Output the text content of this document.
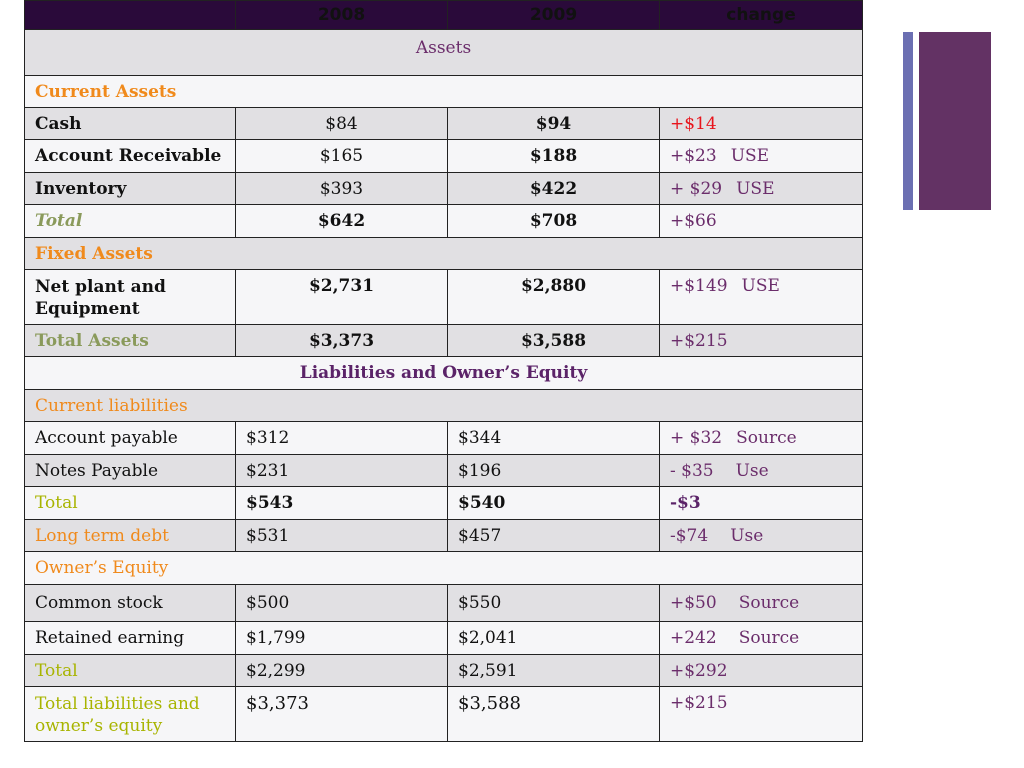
	2008	2009	change
Assets			
Current Assets			
Cash	$84	$94	+$14
Account Receivable	$165	$188	+$23 USE
Inventory	$393	$422	+ $29 USE
Total	$642	$708	+$66
Fixed Assets			
Net plant and Equipment	$2,731	$2,880	+$149 USE
Total Assets	$3,373	$3,588	+$215
Liabilities and Owner’s Equity			
Current liabilities			
Account payable	$312	$344	+ $32 Source
Notes Payable	$231	$196	- $35 Use
Total	$543	$540	-$3
Long term debt	$531	$457	-$74 Use
Owner’s Equity			
Common stock	$500	$550	+$50 Source
Retained earning	$1,799	$2,041	+242 Source
Total	$2,299	$2,591	+$292
Total liabilities and owner’s equity	$3,373	$3,588	+$215
